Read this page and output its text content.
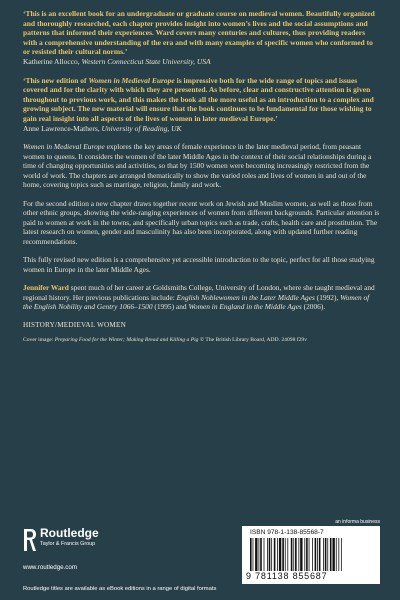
‘This is an excellent book for an undergraduate or graduate course on medieval women. Beautifully organized and thoroughly researched, each chapter provides insight into women’s lives and the social assumptions and patterns that informed their experiences. Ward covers many centuries and cultures, thus providing readers with a comprehensive understanding of the era and with many examples of specific women who conformed to or resisted their cultural norms.’

Katherine Allocco, Western Connecticut State University, USA

‘This new edition of Women in Medieval Europe is impressive both for the wide range of topics and issues covered and for the clarity with which they are presented. As before, clear and constructive attention is given throughout to previous work, and this makes the book all the more useful as an introduction to a complex and growing subject. The new material will ensure that the book continues to be fundamental for those wishing to gain real insight into all aspects of the lives of women in later medieval Europe.’

Anne Lawrence-Mathers, University of Reading, UK

Women in Medieval Europe explores the key areas of female experience in the later medieval period, from peasant women to queens. It considers the women of the later Middle Ages in the context of their social relationships during a time of changing opportunities and activities, so that by 1500 women were becoming increasingly restricted from the world of work. The chapters are arranged thematically to show the varied roles and lives of women in and out of the home, covering topics such as marriage, religion, family and work.

For the second edition a new chapter draws together recent work on Jewish and Muslim women, as well as those from other ethnic groups, showing the wide-ranging experiences of women from different backgrounds. Particular attention is paid to women at work in the towns, and specifically urban topics such as trade, crafts, health care and prostitution. The latest research on women, gender and masculinity has also been incorporated, along with updated further reading recommendations.

This fully revised new edition is a comprehensive yet accessible introduction to the topic, perfect for all those studying women in Europe in the later Middle Ages.

Jennifer Ward spent much of her career at Goldsmiths College, University of London, where she taught medieval and regional history. Her previous publications include: English Noblewomen in the Later Middle Ages (1992), Women of the English Nobility and Gentry 1066–1500 (1995) and Women in England in the Middle Ages (2006).

HISTORY/MEDIEVAL WOMEN

Cover image: Preparing Food for the Winter; Making Bread and Killing a Pig © The British Library Board, ADD. 24098 f29v

Routledge
Taylor & Francis Group
www.routledge.com
an informa business
ISBN 978-1-138-85568-7
9 781138 855687
Routledge titles are available as eBook editions in a range of digital formats
